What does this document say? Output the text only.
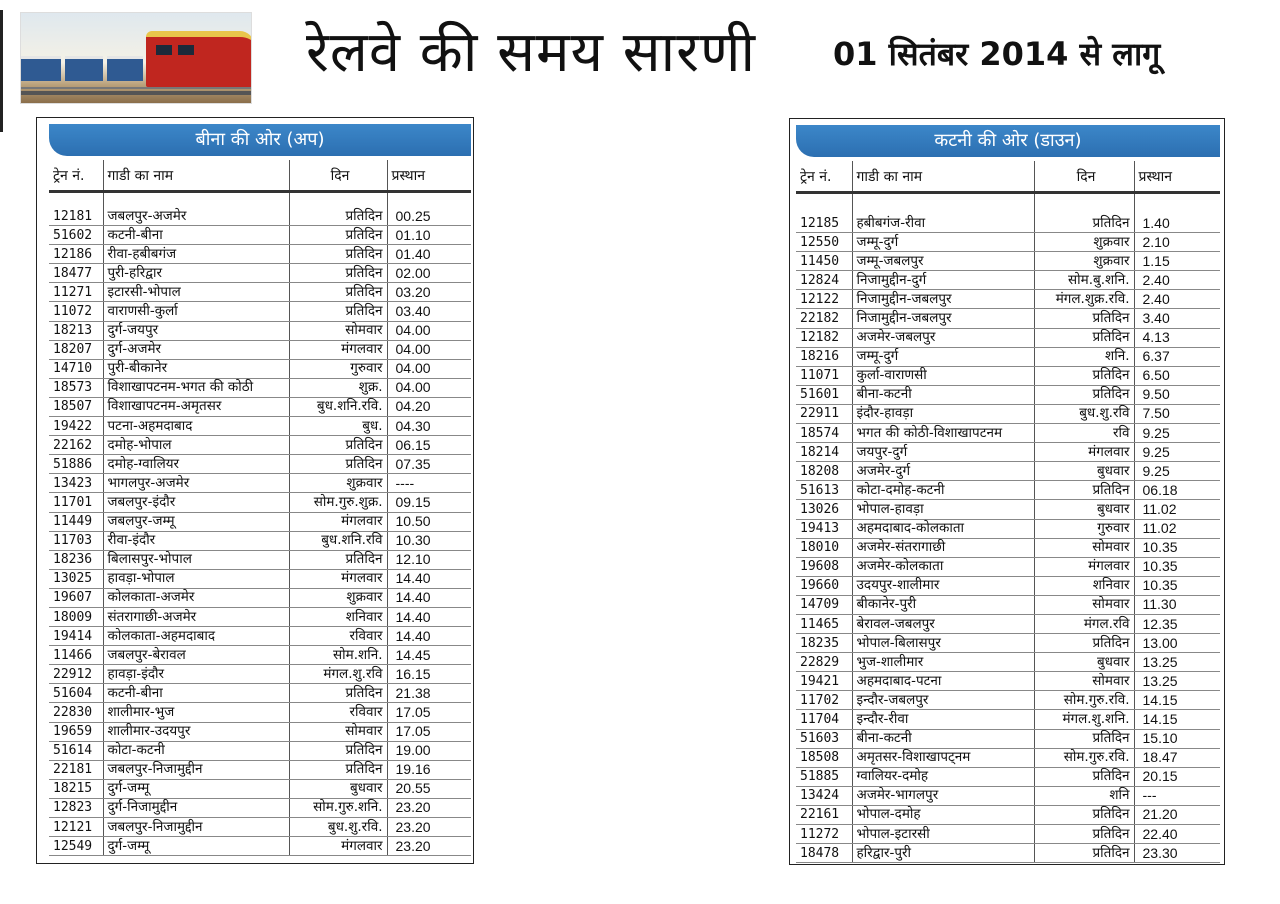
रेलवे की समय सारणी 01 सितंबर 2014 से लागू
बीना की ओर (अप)
ट्रेन नं.	गाडी का नाम	दिन	प्रस्थान

12181	जबलपुर-अजमेर	प्रतिदिन	00.25
51602	कटनी-बीना	प्रतिदिन	01.10
12186	रीवा-हबीबगंज	प्रतिदिन	01.40
18477	पुरी-हरिद्वार	प्रतिदिन	02.00
11271	इटारसी-भोपाल	प्रतिदिन	03.20
11072	वाराणसी-कुर्ला	प्रतिदिन	03.40
18213	दुर्ग-जयपुर	सोमवार	04.00
18207	दुर्ग-अजमेर	मंगलवार	04.00
14710	पुरी-बीकानेर	गुरुवार	04.00
18573	विशाखापटनम-भगत की कोठी	शुक्र.	04.00
18507	विशाखापटनम-अमृतसर	बुध.शनि.रवि.	04.20
19422	पटना-अहमदाबाद	बुध.	04.30
22162	दमोह-भोपाल	प्रतिदिन	06.15
51886	दमोह-ग्वालियर	प्रतिदिन	07.35
13423	भागलपुर-अजमेर	शुक्रवार	----
11701	जबलपुर-इंदौर	सोम.गुरु.शुक्र.	09.15
11449	जबलपुर-जम्मू	मंगलवार	10.50
11703	रीवा-इंदौर	बुध.शनि.रवि	10.30
18236	बिलासपुर-भोपाल	प्रतिदिन	12.10
13025	हावड़ा-भोपाल	मंगलवार	14.40
19607	कोलकाता-अजमेर	शुक्रवार	14.40
18009	संतरागाछी-अजमेर	शनिवार	14.40
19414	कोलकाता-अहमदाबाद	रविवार	14.40
11466	जबलपुर-बेरावल	सोम.शनि.	14.45
22912	हावड़ा-इंदौर	मंगल.शु.रवि	16.15
51604	कटनी-बीना	प्रतिदिन	21.38
22830	शालीमार-भुज	रविवार	17.05
19659	शालीमार-उदयपुर	सोमवार	17.05
51614	कोटा-कटनी	प्रतिदिन	19.00
22181	जबलपुर-निजामुद्दीन	प्रतिदिन	19.16
18215	दुर्ग-जम्मू	बुधवार	20.55
12823	दुर्ग-निजामुद्दीन	सोम.गुरु.शनि.	23.20
12121	जबलपुर-निजामुद्दीन	बुध.शु.रवि.	23.20
12549	दुर्ग-जम्मू	मंगलवार	23.20
कटनी की ओर (डाउन)
ट्रेन नं.	गाडी का नाम	दिन	प्रस्थान

12185	हबीबगंज-रीवा	प्रतिदिन	1.40
12550	जम्मू-दुर्ग	शुक्रवार	2.10
11450	जम्मू-जबलपुर	शुक्रवार	1.15
12824	निजामुद्दीन-दुर्ग	सोम.बु.शनि.	2.40
12122	निजामुद्दीन-जबलपुर	मंगल.शुक्र.रवि.	2.40
22182	निजामुद्दीन-जबलपुर	प्रतिदिन	3.40
12182	अजमेर-जबलपुर	प्रतिदिन	4.13
18216	जम्मू-दुर्ग	शनि.	6.37
11071	कुर्ला-वाराणसी	प्रतिदिन	6.50
51601	बीना-कटनी	प्रतिदिन	9.50
22911	इंदौर-हावड़ा	बुध.शु.रवि	7.50
18574	भगत की कोठी-विशाखापटनम	रवि	9.25
18214	जयपुर-दुर्ग	मंगलवार	9.25
18208	अजमेर-दुर्ग	बुधवार	9.25
51613	कोटा-दमोह-कटनी	प्रतिदिन	06.18
13026	भोपाल-हावड़ा	बुधवार	11.02
19413	अहमदाबाद-कोलकाता	गुरुवार	11.02
18010	अजमेर-संतरागाछी	सोमवार	10.35
19608	अजमेर-कोलकाता	मंगलवार	10.35
19660	उदयपुर-शालीमार	शनिवार	10.35
14709	बीकानेर-पुरी	सोमवार	11.30
11465	बेरावल-जबलपुर	मंगल.रवि	12.35
18235	भोपाल-बिलासपुर	प्रतिदिन	13.00
22829	भुज-शालीमार	बुधवार	13.25
19421	अहमदाबाद-पटना	सोमवार	13.25
11702	इन्दौर-जबलपुर	सोम.गुरु.रवि.	14.15
11704	इन्दौर-रीवा	मंगल.शु.शनि.	14.15
51603	बीना-कटनी	प्रतिदिन	15.10
18508	अमृतसर-विशाखापट्नम	सोम.गुरु.रवि.	18.47
51885	ग्वालियर-दमोह	प्रतिदिन	20.15
13424	अजमेर-भागलपुर	शनि	---
22161	भोपाल-दमोह	प्रतिदिन	21.20
11272	भोपाल-इटारसी	प्रतिदिन	22.40
18478	हरिद्वार-पुरी	प्रतिदिन	23.30
